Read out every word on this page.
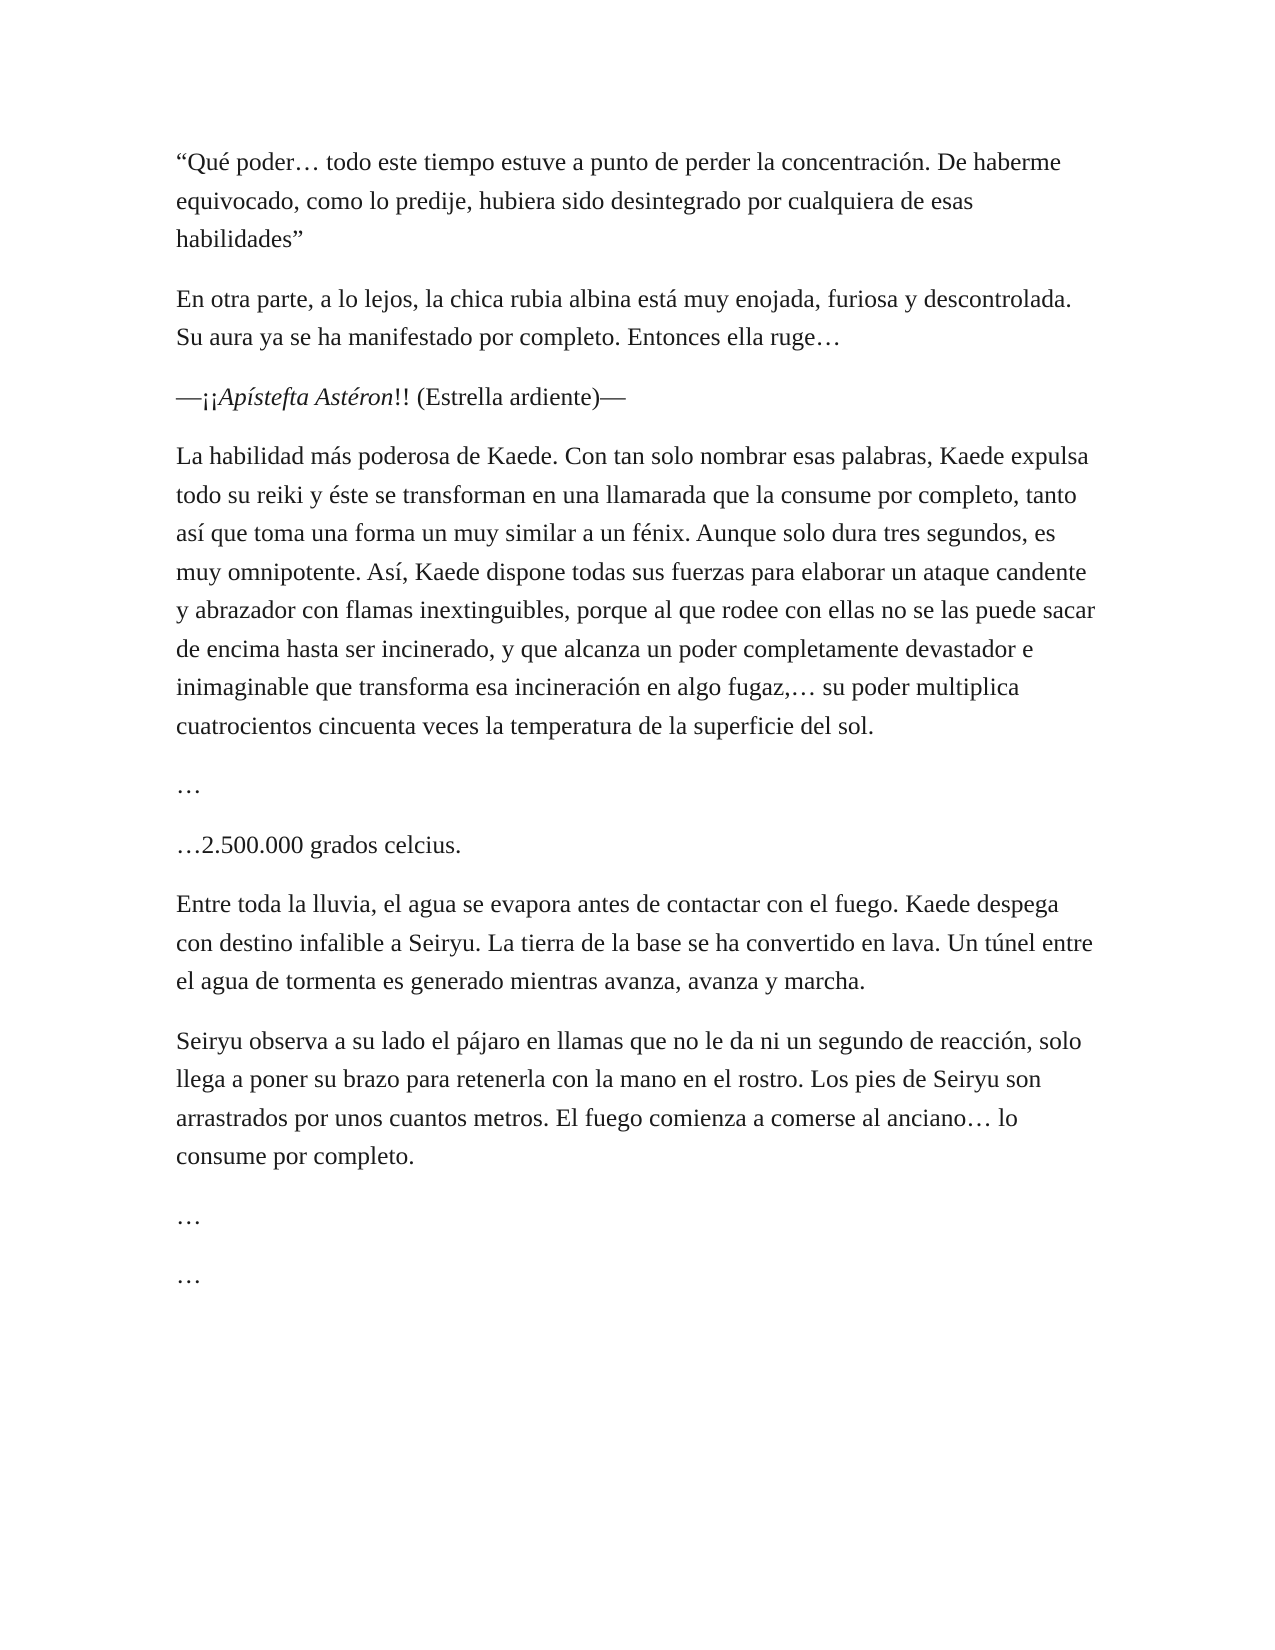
“Qué poder… todo este tiempo estuve a punto de perder la concentración. De haberme equivocado, como lo predije, hubiera sido desintegrado por cualquiera de esas habilidades”

En otra parte, a lo lejos, la chica rubia albina está muy enojada, furiosa y descontrolada. Su aura ya se ha manifestado por completo. Entonces ella ruge…

—¡¡Apístefta Astéron!! (Estrella ardiente)—

La habilidad más poderosa de Kaede. Con tan solo nombrar esas palabras, Kaede expulsa todo su reiki y éste se transforman en una llamarada que la consume por completo, tanto así que toma una forma un muy similar a un fénix. Aunque solo dura tres segundos, es muy omnipotente. Así, Kaede dispone todas sus fuerzas para elaborar un ataque candente y abrazador con flamas inextinguibles, porque al que rodee con ellas no se las puede sacar de encima hasta ser incinerado, y que alcanza un poder completamente devastador e inimaginable que transforma esa incineración en algo fugaz,… su poder multiplica cuatrocientos cincuenta veces la temperatura de la superficie del sol.

…

…2.500.000 grados celcius.

Entre toda la lluvia, el agua se evapora antes de contactar con el fuego. Kaede despega con destino infalible a Seiryu. La tierra de la base se ha convertido en lava. Un túnel entre el agua de tormenta es generado mientras avanza, avanza y marcha.

Seiryu observa a su lado el pájaro en llamas que no le da ni un segundo de reacción, solo llega a poner su brazo para retenerla con la mano en el rostro. Los pies de Seiryu son arrastrados por unos cuantos metros. El fuego comienza a comerse al anciano… lo consume por completo.

…

…
